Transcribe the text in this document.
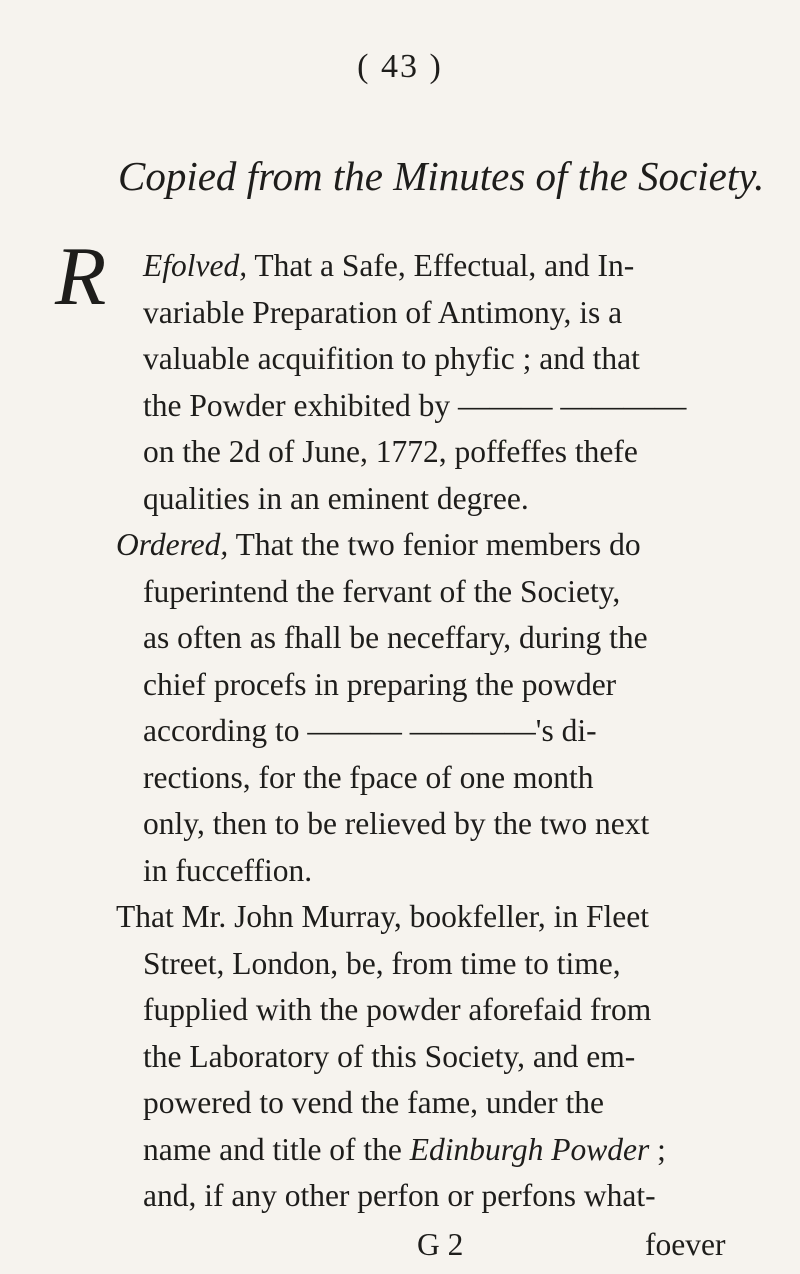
( 43 )
Copied from the Minutes of the Society.
R Efolved, That a Safe, Effectual, and In-
variable Preparation of Antimony, is a
valuable acquifition to phyfic ; and that
the Powder exhibited by ——— ————
on the 2d of June, 1772, poffeffes thefe
qualities in an eminent degree.
Ordered, That the two fenior members do
fuperintend the fervant of the Society,
as often as fhall be neceffary, during the
chief procefs in preparing the powder
according to ——— ————'s di-
rections, for the fpace of one month
only, then to be relieved by the two next
in fucceffion.
That Mr. John Murray, bookfeller, in Fleet
Street, London, be, from time to time,
fupplied with the powder aforefaid from
the Laboratory of this Society, and em-
G 2	foever
powered to vend the fame, under the
name and title of the Edinburgh Powder ;
and, if any other perfon or perfons what-
